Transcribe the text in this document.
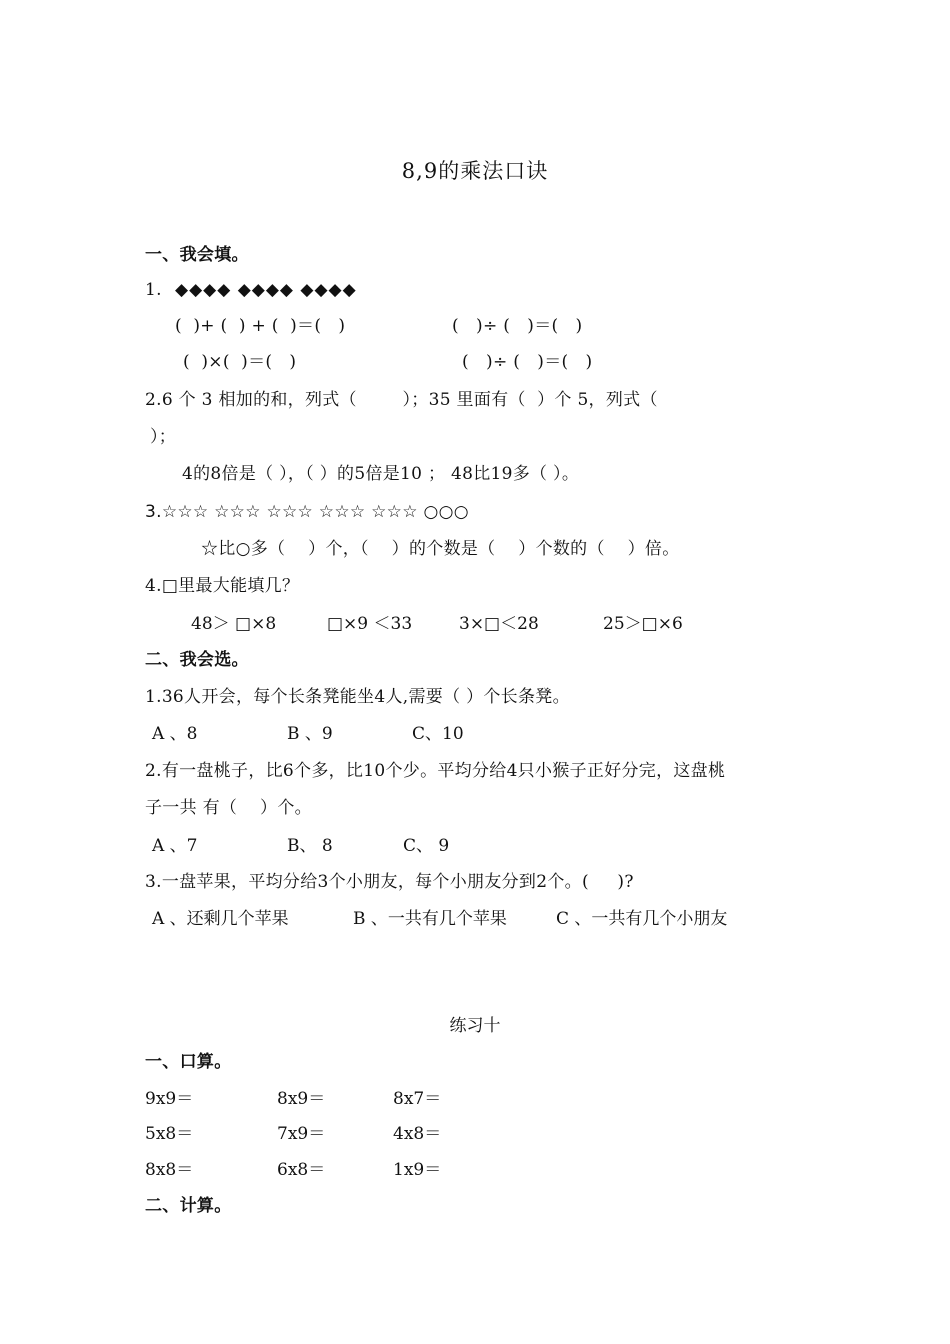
8,9的乘法口诀
一、我会填。
1. ◆◆◆◆ ◆◆◆◆ ◆◆◆◆
(  )+ (  ) + (  )＝(   )	(   )÷ (   )＝(   )
(  )×(  )＝(   )	(   )÷ (   )＝(   )
2.6 个 3 相加的和，列式（        ）；35 里面有（  ）个 5，列式（
）；
4的8倍是（ ），（ ）的5倍是10 ； 48比19多（ ）。
3.☆☆☆ ☆☆☆ ☆☆☆ ☆☆☆ ☆☆☆ ○○○
☆比○多（    ）个，（    ）的个数是（    ）个数的（    ）倍。
4.□里最大能填几？
48＞ □×8	□×9 ＜33	3×□＜28	25＞□×6
二、我会选。
1.36人开会，每个长条凳能坐4人,需要（ ）个长条凳。
A 、8	B 、9	C、10
2.有一盘桃子，比6个多，比10个少。平均分给4只小猴子正好分完，这盘桃
子一共 有（    ）个。
A 、7	B、 8	C、 9
3.一盘苹果，平均分给3个小朋友，每个小朋友分到2个。(     )?
A 、还剩几个苹果	B 、一共有几个苹果	C 、一共有几个小朋友
练习十
一、口算。
9x9＝	8x9＝	8x7＝
5x8＝	7x9＝	4x8＝
8x8＝	6x8＝	1x9＝
二、计算。
